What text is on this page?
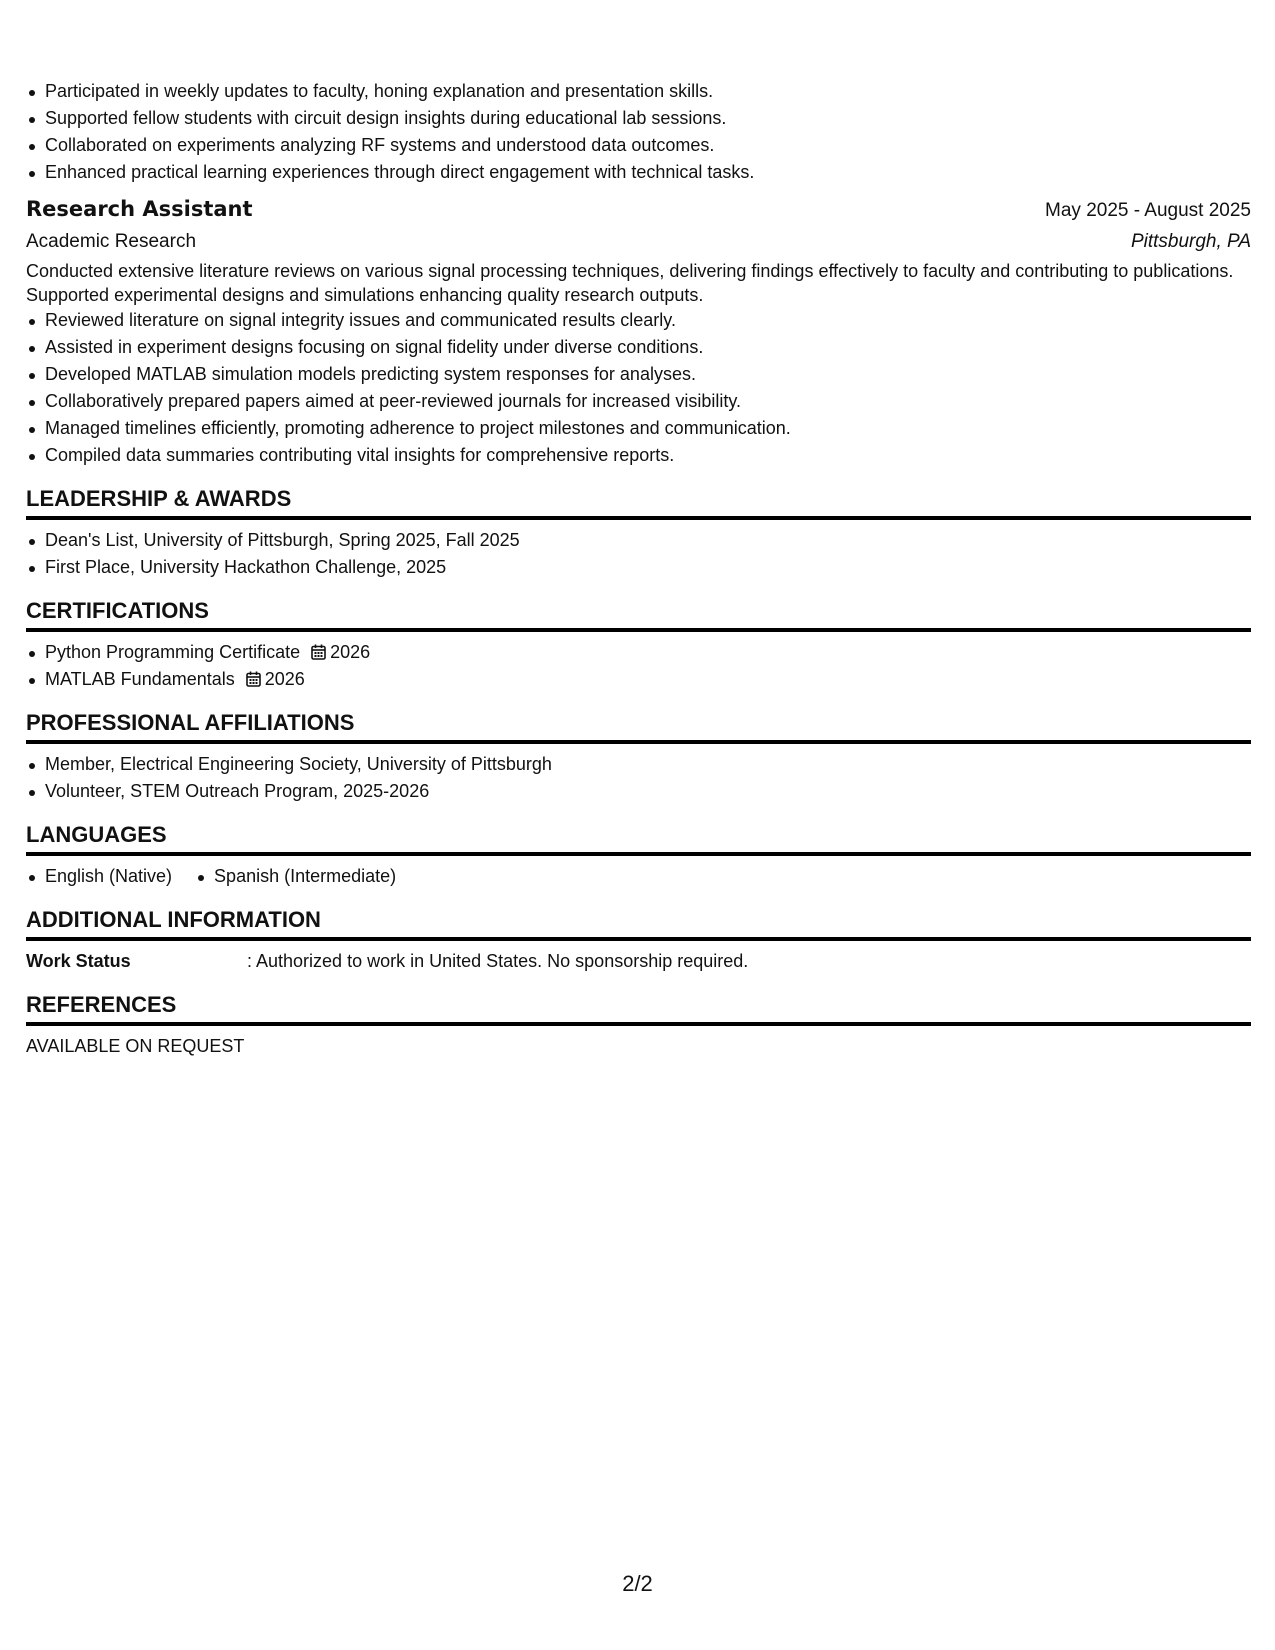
Participated in weekly updates to faculty, honing explanation and presentation skills.
Supported fellow students with circuit design insights during educational lab sessions.
Collaborated on experiments analyzing RF systems and understood data outcomes.
Enhanced practical learning experiences through direct engagement with technical tasks.
Research Assistant	May 2025 - August 2025
Academic Research	Pittsburgh, PA

Conducted extensive literature reviews on various signal processing techniques, delivering findings effectively to faculty and contributing to publications. Supported experimental designs and simulations enhancing quality research outputs.

Reviewed literature on signal integrity issues and communicated results clearly.
Assisted in experiment designs focusing on signal fidelity under diverse conditions.
Developed MATLAB simulation models predicting system responses for analyses.
Collaboratively prepared papers aimed at peer-reviewed journals for increased visibility.
Managed timelines efficiently, promoting adherence to project milestones and communication.
Compiled data summaries contributing vital insights for comprehensive reports.
LEADERSHIP & AWARDS
Dean's List, University of Pittsburgh, Spring 2025, Fall 2025
First Place, University Hackathon Challenge, 2025
CERTIFICATIONS
Python Programming Certificate 2026
MATLAB Fundamentals 2026
PROFESSIONAL AFFILIATIONS
Member, Electrical Engineering Society, University of Pittsburgh
Volunteer, STEM Outreach Program, 2025-2026
LANGUAGES
English (Native)	Spanish (Intermediate)
ADDITIONAL INFORMATION
Work Status	: Authorized to work in United States. No sponsorship required.
REFERENCES
AVAILABLE ON REQUEST
2/2
